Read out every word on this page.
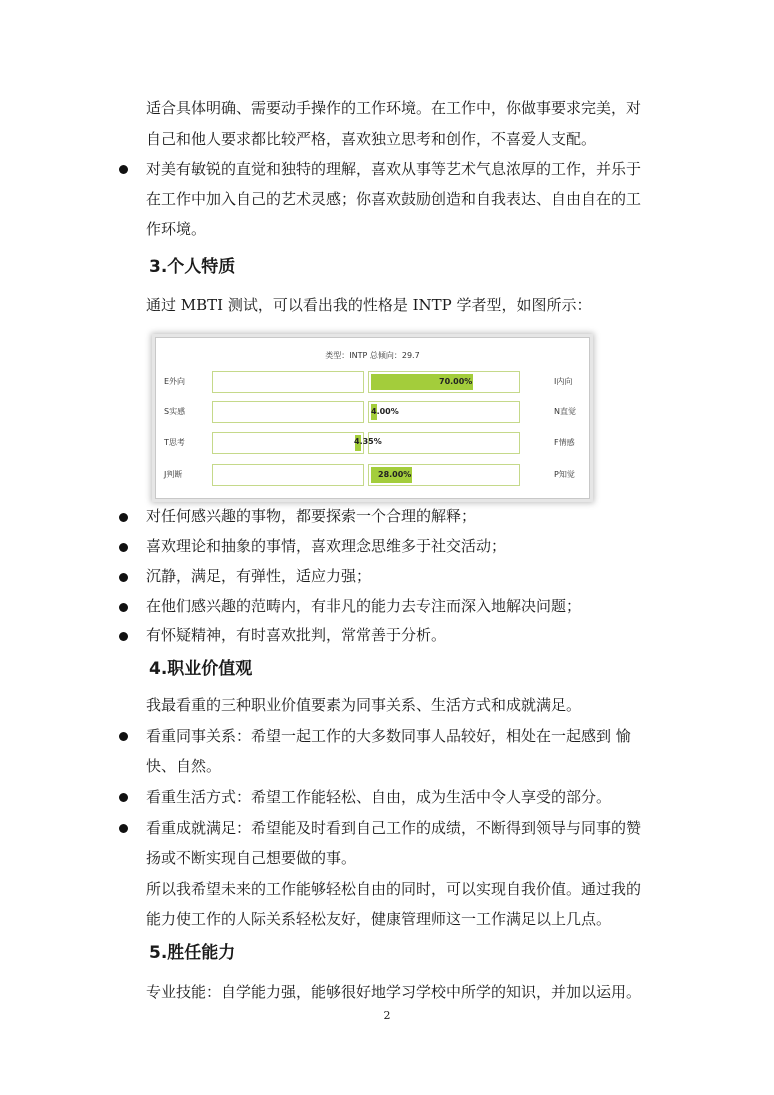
适合具体明确、需要动手操作的工作环境。在工作中，你做事要求完美，对
自己和他人要求都比较严格，喜欢独立思考和创作，不喜爱人支配。
对美有敏锐的直觉和独特的理解，喜欢从事等艺术气息浓厚的工作，并乐于
在工作中加入自己的艺术灵感；你喜欢鼓励创造和自我表达、自由自在的工
作环境。
3.个人特质
通过 MBTI 测试，可以看出我的性格是 INTP 学者型，如图所示：
类型：INTP 总倾向：29.7
E外向	70.00%	I内向
S实感	4.00%	N直觉
T思考	4.35%	F情感
J判断	28.00%	P知觉
对任何感兴趣的事物，都要探索一个合理的解释；
喜欢理论和抽象的事情，喜欢理念思维多于社交活动；
沉静，满足，有弹性，适应力强；
在他们感兴趣的范畴内，有非凡的能力去专注而深入地解决问题；
有怀疑精神，有时喜欢批判，常常善于分析。
4.职业价值观
我最看重的三种职业价值要素为同事关系、生活方式和成就满足。
看重同事关系：希望一起工作的大多数同事人品较好，相处在一起感到 愉
快、自然。
看重生活方式：希望工作能轻松、自由，成为生活中令人享受的部分。
看重成就满足：希望能及时看到自己工作的成绩，不断得到领导与同事的赞
扬或不断实现自己想要做的事。
所以我希望未来的工作能够轻松自由的同时，可以实现自我价值。通过我的
能力使工作的人际关系轻松友好，健康管理师这一工作满足以上几点。
5.胜任能力
专业技能：自学能力强，能够很好地学习学校中所学的知识，并加以运用。
2
